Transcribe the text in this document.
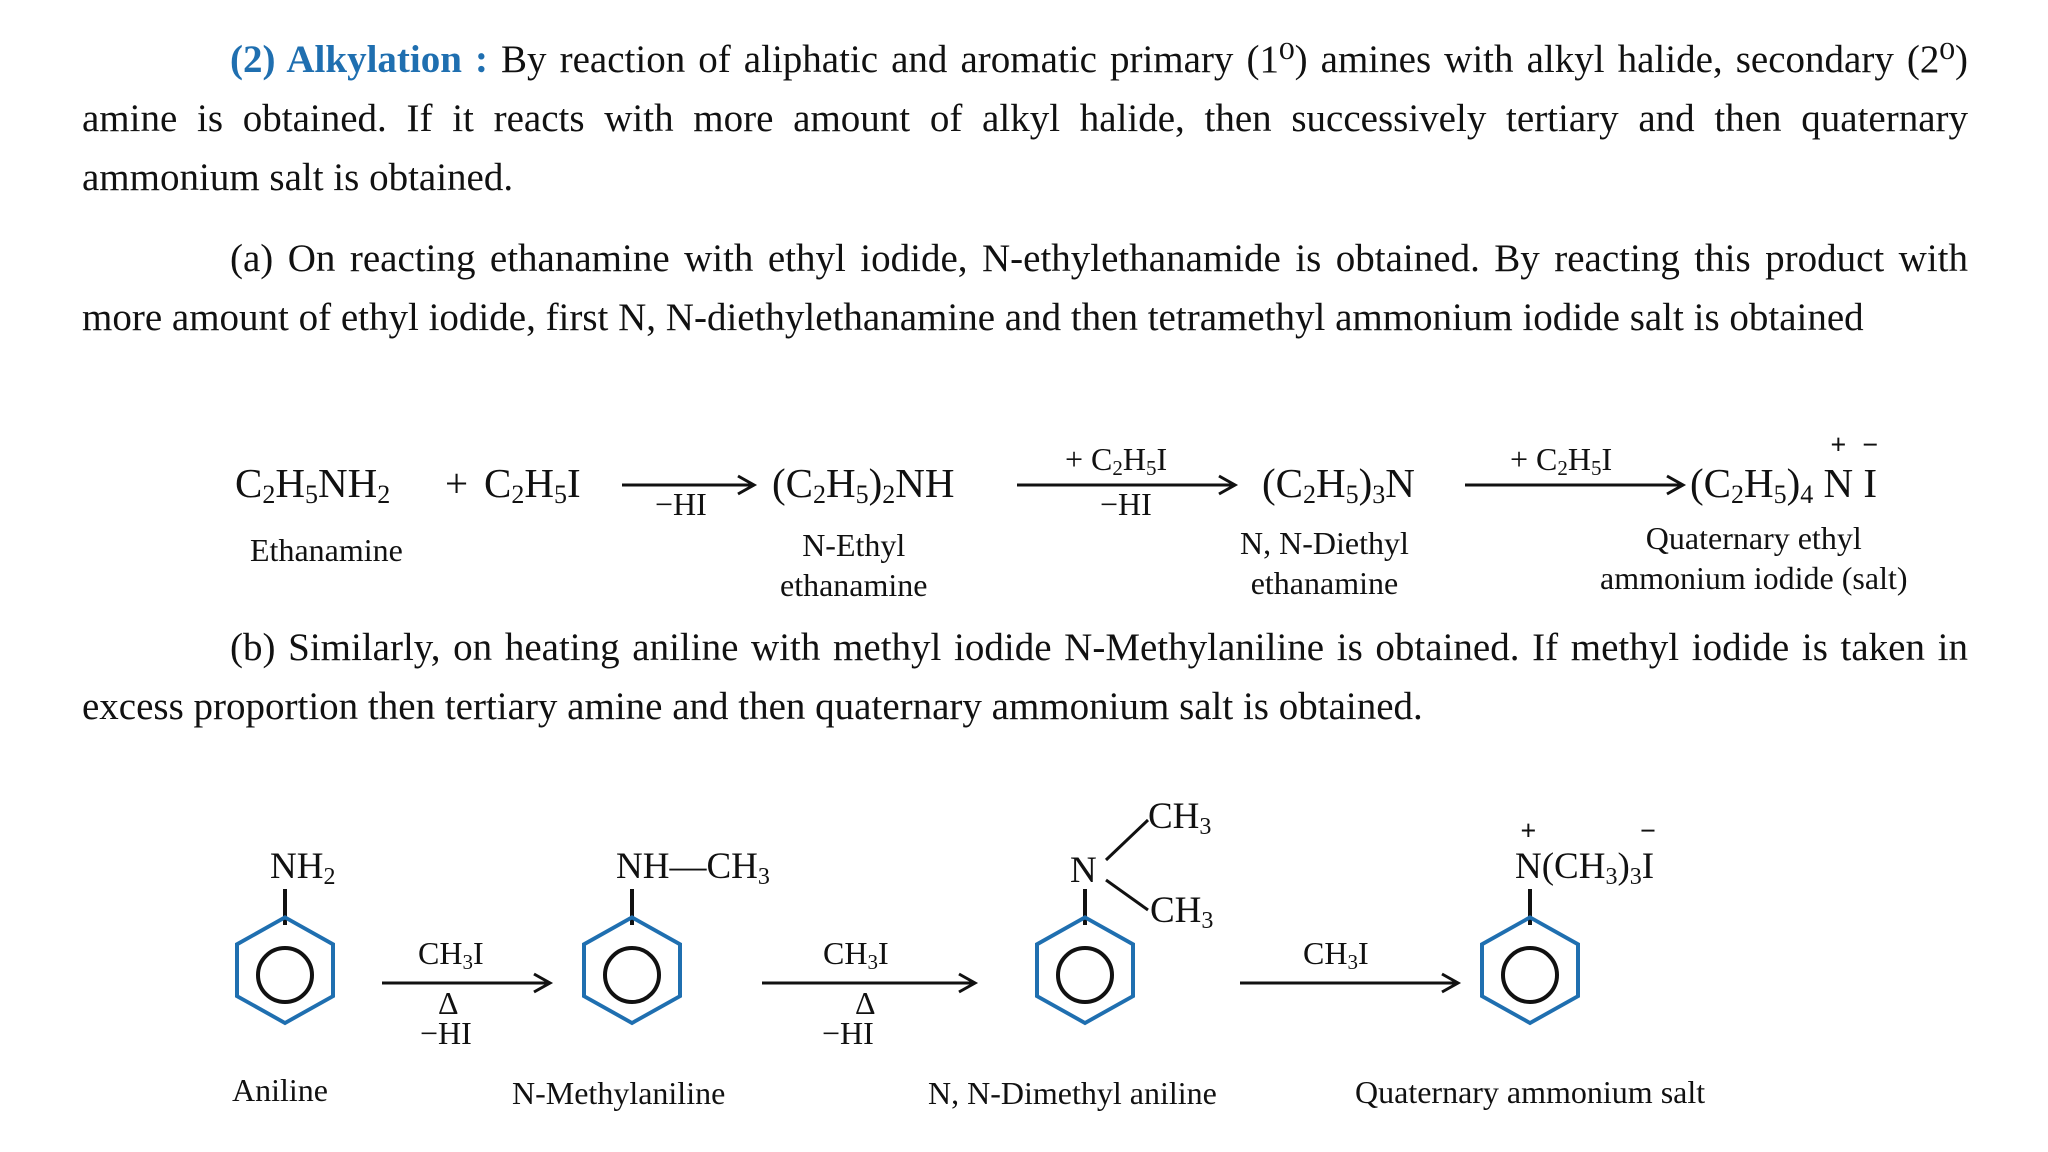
(2) Alkylation : By reaction of aliphatic and aromatic primary (1⁰) amines with alkyl halide, secondary (2⁰) amine is obtained. If it reacts with more amount of alkyl halide, then successively tertiary and then quaternary ammonium salt is obtained.
(a) On reacting ethanamine with ethyl iodide, N-ethylethanamide is obtained. By reacting this product with more amount of ethyl iodide, first N, N-diethylethanamine and then tetramethyl ammonium iodide salt is obtained
$C_2H_5NH_2 + C_2H_5I -HI$ $(C_2H_5)_2NH$
+ $C_2H_5I$
−HI	$(C_2H_5)_3N$
+ $C_2H_5I$
$(C_2H_5)_4$ N
+
I
−
Ethanamine	N-Ethyl
ethanamine
N, N-Diethyl
ethanamine
Quaternary ethyl
ammonium iodide (salt)
(b) Similarly, on heating aniline with methyl iodide N-Methylaniline is obtained. If methyl iodide is taken in excess proportion then tertiary amine and then quaternary ammonium salt is obtained.
$NH_2$
Aniline
$CH_3I$
Δ
−HI
$NH—CH_3$
N-Methylaniline
$CH_3I$
Δ
−HI
N
$CH_3$
$CH_3$
N, N-Dimethyl aniline
$CH_3I$
N
+
$(CH_3)_3I$
−
Quaternary ammonium salt
